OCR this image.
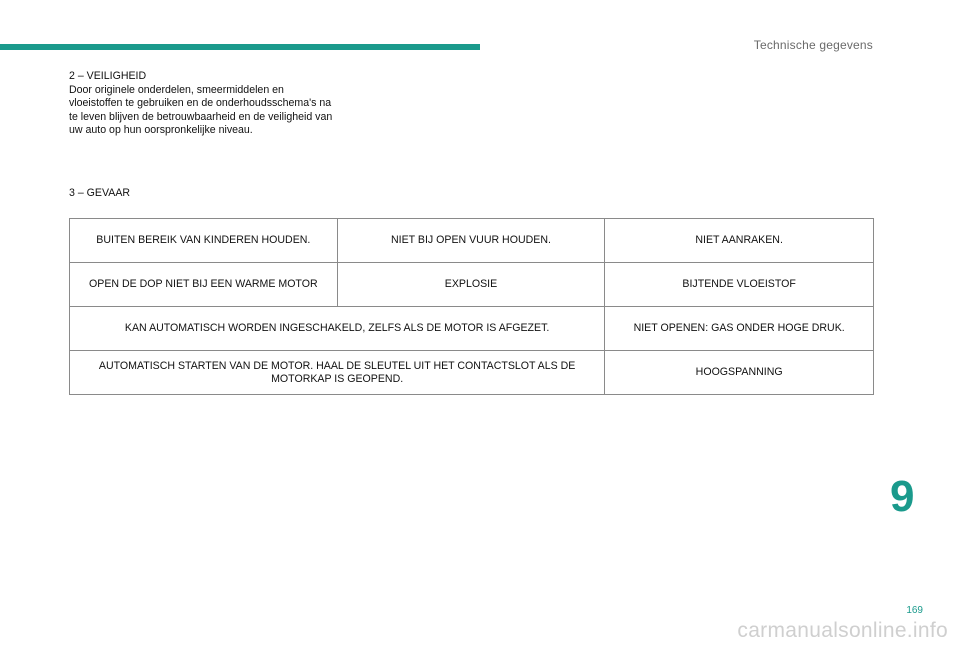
Technische gegevens
2 – VEILIGHEID
Door originele onderdelen, smeermiddelen en vloeistoffen te gebruiken en de onderhoudsschema's na te leven blijven de betrouwbaarheid en de veiligheid van uw auto op hun oorspronkelijke niveau.
3 – GEVAAR
BUITEN BEREIK VAN KINDEREN HOUDEN.	NIET BIJ OPEN VUUR HOUDEN.	NIET AANRAKEN.
OPEN DE DOP NIET BIJ EEN WARME MOTOR	EXPLOSIE	BIJTENDE VLOEISTOF
KAN AUTOMATISCH WORDEN INGESCHAKELD, ZELFS ALS DE MOTOR IS AFGEZET.		NIET OPENEN: GAS ONDER HOGE DRUK.
AUTOMATISCH STARTEN VAN DE MOTOR. HAAL DE SLEUTEL UIT HET CONTACTSLOT ALS DE MOTORKAP IS GEOPEND.		HOOGSPANNING
9
169
carmanualsonline.info
